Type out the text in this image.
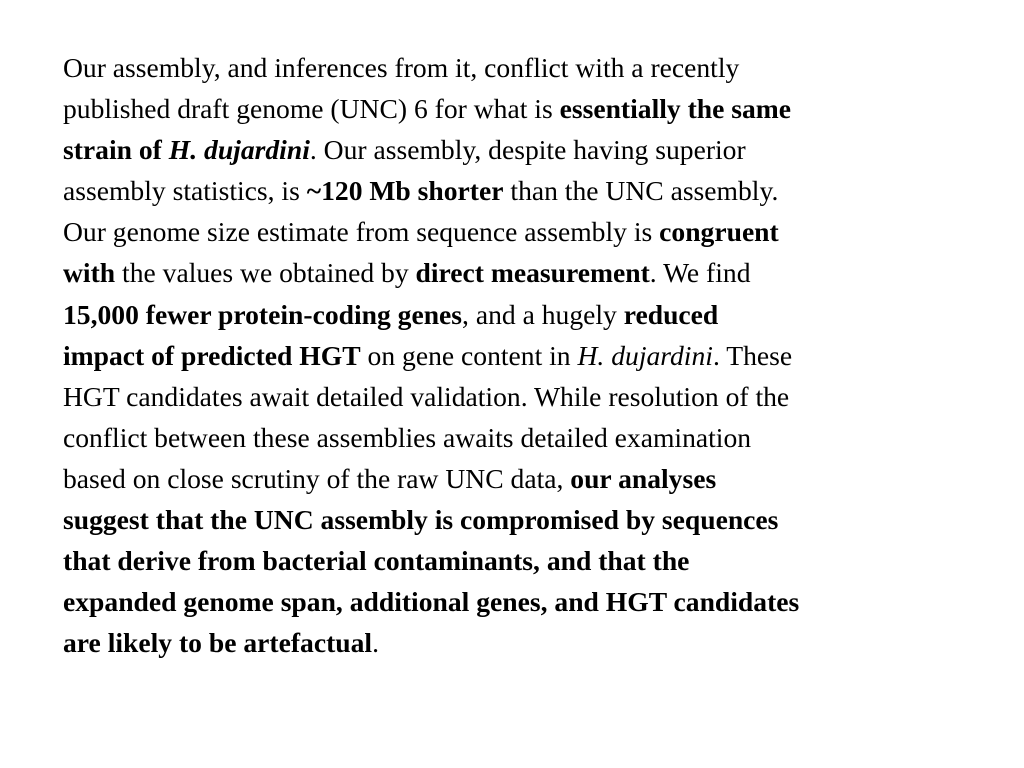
Our assembly, and inferences from it, conflict with a recently
published draft genome (UNC) 6 for what is essentially the same
strain of H. dujardini. Our assembly, despite having superior
assembly statistics, is ~120 Mb shorter than the UNC assembly.
Our genome size estimate from sequence assembly is congruent
with the values we obtained by direct measurement. We find
15,000 fewer protein-coding genes, and a hugely reduced
impact of predicted HGT on gene content in H. dujardini. These
HGT candidates await detailed validation. While resolution of the
conflict between these assemblies awaits detailed examination
based on close scrutiny of the raw UNC data, our analyses
suggest that the UNC assembly is compromised by sequences
that derive from bacterial contaminants, and that the
expanded genome span, additional genes, and HGT candidates
are likely to be artefactual.
